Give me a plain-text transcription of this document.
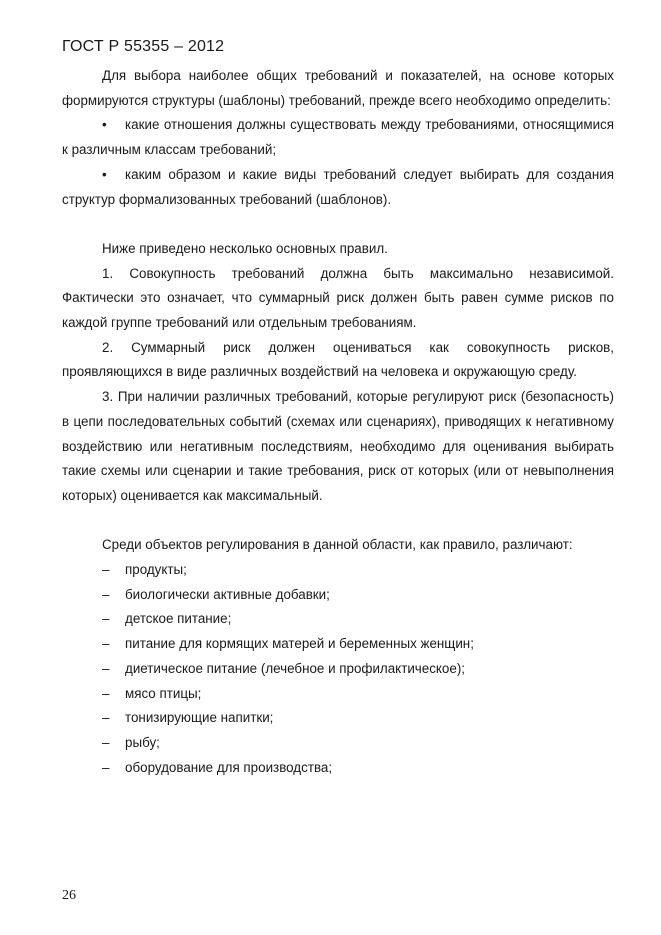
ГОСТ Р 55355 – 2012

Для выбора наиболее общих требований и показателей, на основе которых формируются структуры (шаблоны) требований, прежде всего необходимо определить:

• какие отношения должны существовать между требованиями, относящимися к различным классам требований;

• каким образом и какие виды требований следует выбирать для создания структур формализованных требований (шаблонов).

Ниже приведено несколько основных правил.

1. Совокупность требований должна быть максимально независимой. Фактически это означает, что суммарный риск должен быть равен сумме рисков по каждой группе требований или отдельным требованиям.

2. Суммарный риск должен оцениваться как совокупность рисков, проявляющихся в виде различных воздействий на человека и окружающую среду.

3. При наличии различных требований, которые регулируют риск (безопасность) в цепи последовательных событий (схемах или сценариях), приводящих к негативному воздействию или негативным последствиям, необходимо для оценивания выбирать такие схемы или сценарии и такие требования, риск от которых (или от невыполнения которых) оценивается как максимальный.

Среди объектов регулирования в данной области, как правило, различают:

– продукты;

– биологически активные добавки;

– детское питание;

– питание для кормящих матерей и беременных женщин;

– диетическое питание (лечебное и профилактическое);

– мясо птицы;

– тонизирующие напитки;

– рыбу;

– оборудование для производства;

26
